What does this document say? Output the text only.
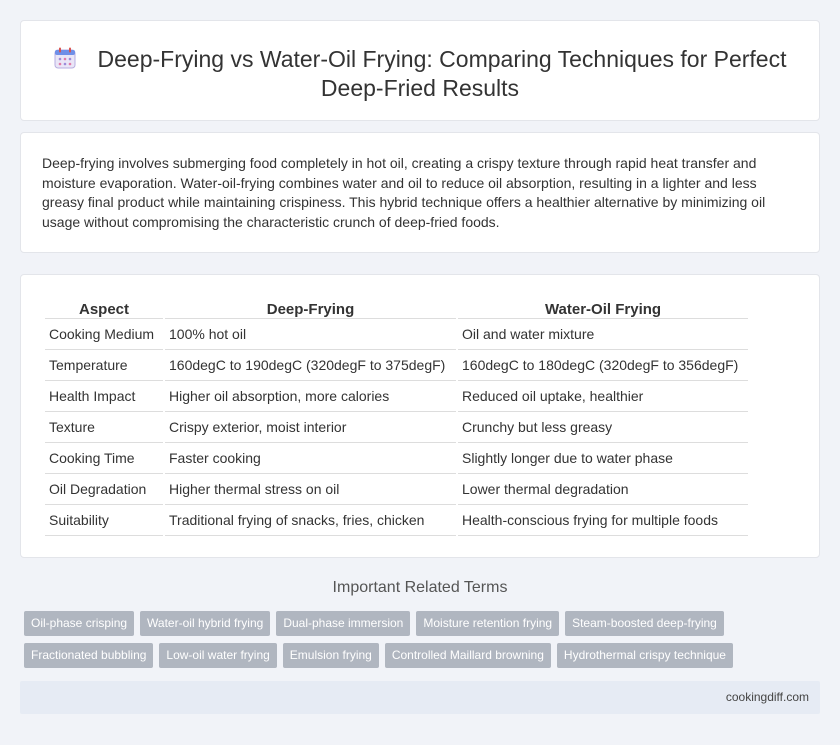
Deep-Frying vs Water-Oil Frying: Comparing Techniques for Perfect Deep-Fried Results

Deep-frying involves submerging food completely in hot oil, creating a crispy texture through rapid heat transfer and moisture evaporation. Water-oil-frying combines water and oil to reduce oil absorption, resulting in a lighter and less greasy final product while maintaining crispiness. This hybrid technique offers a healthier alternative by minimizing oil usage without compromising the characteristic crunch of deep-fried foods.

Aspect	Deep-Frying	Water-Oil Frying
Cooking Medium	100% hot oil	Oil and water mixture
Temperature	160degC to 190degC (320degF to 375degF)	160degC to 180degC (320degF to 356degF)
Health Impact	Higher oil absorption, more calories	Reduced oil uptake, healthier
Texture	Crispy exterior, moist interior	Crunchy but less greasy
Cooking Time	Faster cooking	Slightly longer due to water phase
Oil Degradation	Higher thermal stress on oil	Lower thermal degradation
Suitability	Traditional frying of snacks, fries, chicken	Health-conscious frying for multiple foods
Important Related Terms
Oil-phase crisping	Water-oil hybrid frying	Dual-phase immersion	Moisture retention frying	Steam-boosted deep-frying
Fractionated bubbling	Low-oil water frying	Emulsion frying	Controlled Maillard browning	Hydrothermal crispy technique
cookingdiff.com
